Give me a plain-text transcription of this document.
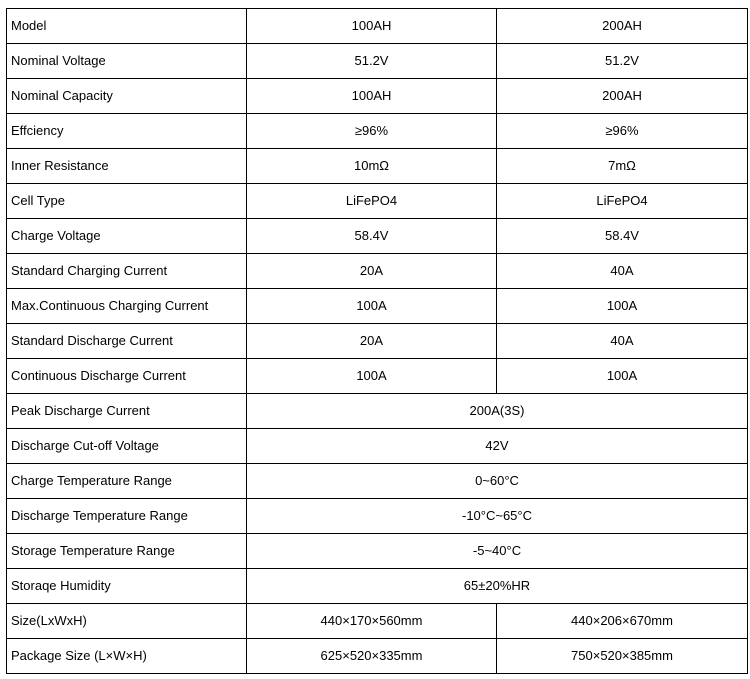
Model	100AH	200AH
Nominal Voltage	51.2V	51.2V
Nominal Capacity	100AH	200AH
Effciency	≥96%	≥96%
Inner Resistance	10mΩ	7mΩ
Cell Type	LiFePO4	LiFePO4
Charge Voltage	58.4V	58.4V
Standard Charging Current	20A	40A
Max.Continuous Charging Current	100A	100A
Standard Discharge Current	20A	40A
Continuous Discharge Current	100A	100A
Peak Discharge Current	200A(3S)	
Discharge Cut-off Voltage	42V	
Charge Temperature Range	0~60°C	
Discharge Temperature Range	-10°C~65°C	
Storage Temperature Range	-5~40°C	
Storaqe Humidity	65±20%HR	
Size(LxWxH)	440×170×560mm	440×206×670mm
Package Size (L×W×H)	625×520×335mm	750×520×385mm
